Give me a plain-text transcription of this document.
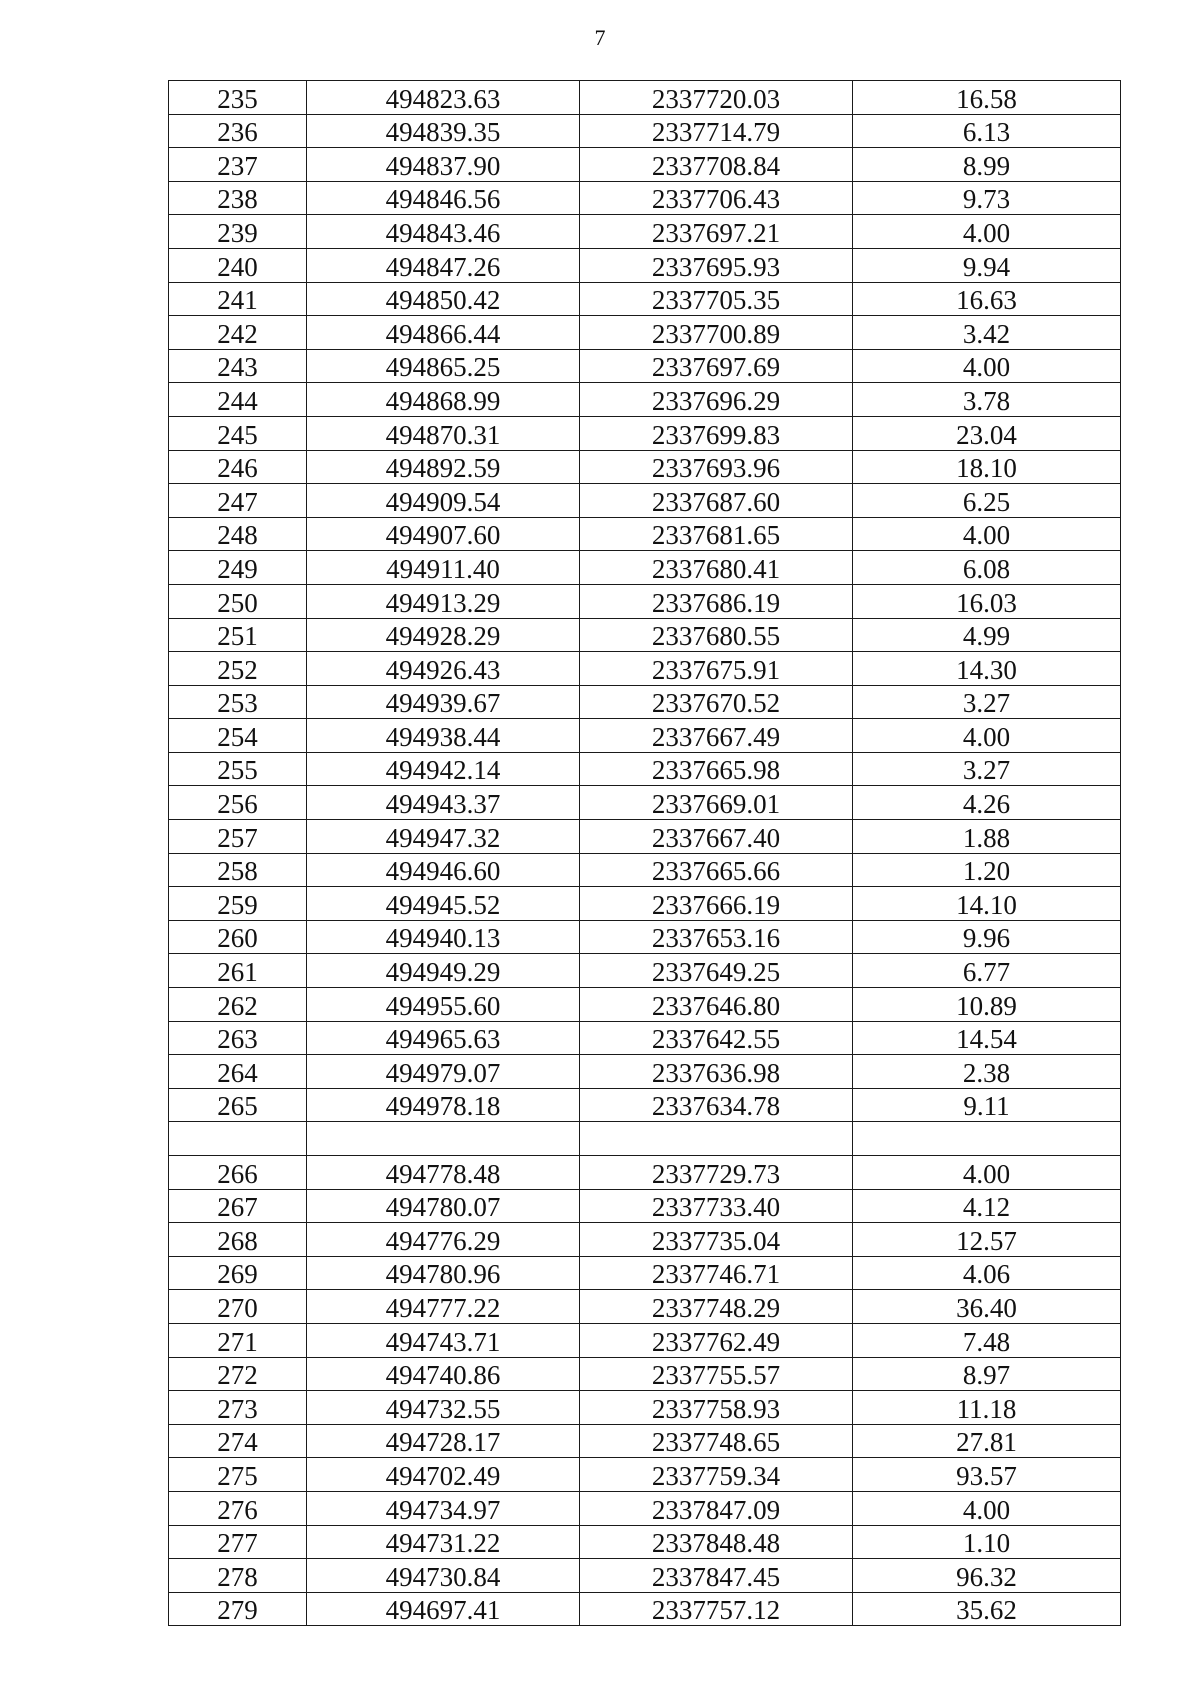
7
235	494823.63	2337720.03	16.58
236	494839.35	2337714.79	6.13
237	494837.90	2337708.84	8.99
238	494846.56	2337706.43	9.73
239	494843.46	2337697.21	4.00
240	494847.26	2337695.93	9.94
241	494850.42	2337705.35	16.63
242	494866.44	2337700.89	3.42
243	494865.25	2337697.69	4.00
244	494868.99	2337696.29	3.78
245	494870.31	2337699.83	23.04
246	494892.59	2337693.96	18.10
247	494909.54	2337687.60	6.25
248	494907.60	2337681.65	4.00
249	494911.40	2337680.41	6.08
250	494913.29	2337686.19	16.03
251	494928.29	2337680.55	4.99
252	494926.43	2337675.91	14.30
253	494939.67	2337670.52	3.27
254	494938.44	2337667.49	4.00
255	494942.14	2337665.98	3.27
256	494943.37	2337669.01	4.26
257	494947.32	2337667.40	1.88
258	494946.60	2337665.66	1.20
259	494945.52	2337666.19	14.10
260	494940.13	2337653.16	9.96
261	494949.29	2337649.25	6.77
262	494955.60	2337646.80	10.89
263	494965.63	2337642.55	14.54
264	494979.07	2337636.98	2.38
265	494978.18	2337634.78	9.11

266	494778.48	2337729.73	4.00
267	494780.07	2337733.40	4.12
268	494776.29	2337735.04	12.57
269	494780.96	2337746.71	4.06
270	494777.22	2337748.29	36.40
271	494743.71	2337762.49	7.48
272	494740.86	2337755.57	8.97
273	494732.55	2337758.93	11.18
274	494728.17	2337748.65	27.81
275	494702.49	2337759.34	93.57
276	494734.97	2337847.09	4.00
277	494731.22	2337848.48	1.10
278	494730.84	2337847.45	96.32
279	494697.41	2337757.12	35.62
